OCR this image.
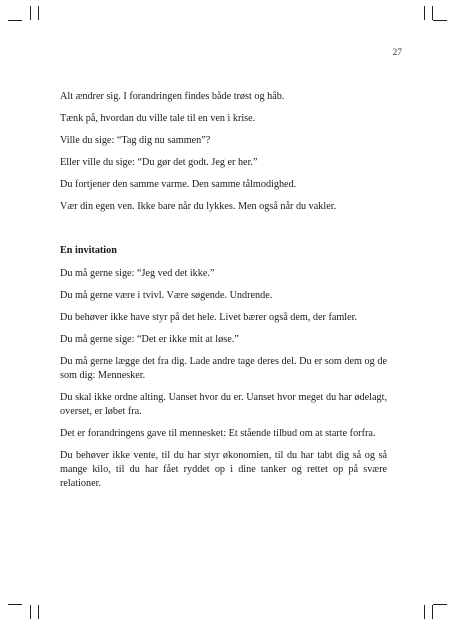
27

Alt ændrer sig. I forandringen findes både trøst og håb.

Tænk på, hvordan du ville tale til en ven i krise.

Ville du sige: “Tag dig nu sammen”?

Eller ville du sige: “Du gør det godt. Jeg er her.”

Du fortjener den samme varme. Den samme tålmodighed.

Vær din egen ven. Ikke bare når du lykkes. Men også når du vakler.

En invitation

Du må gerne sige: “Jeg ved det ikke.”

Du må gerne være i tvivl. Være søgende. Undrende.

Du behøver ikke have styr på det hele. Livet bærer også dem, der famler.

Du må gerne sige: “Det er ikke mit at løse.”

Du må gerne lægge det fra dig. Lade andre tage deres del. Du er som dem og de som dig: Mennesker.

Du skal ikke ordne alting. Uanset hvor du er. Uanset hvor meget du har ødelagt, overset, er løbet fra.

Det er forandringens gave til mennesket: Et stående tilbud om at starte forfra.

Du behøver ikke vente, til du har styr økonomien, til du har tabt dig så og så mange kilo, til du har fået ryddet op i dine tanker og rettet op på svære relationer.
